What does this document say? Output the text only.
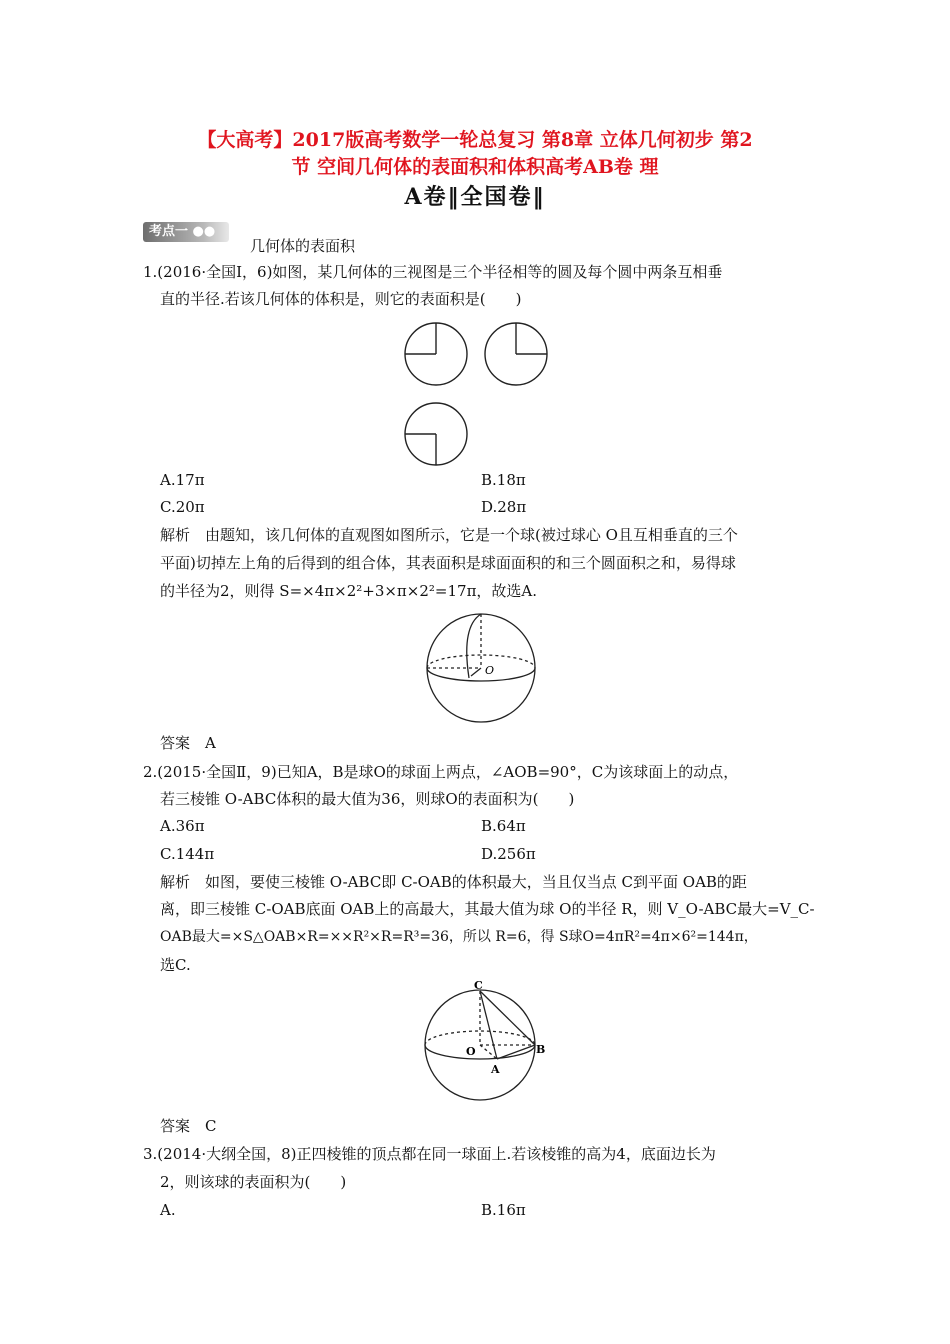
【大高考】2017版高考数学一轮总复习 第8章 立体几何初步 第2
节 空间几何体的表面积和体积高考AB卷 理
A卷‖全国卷‖
考点一 ●●
几何体的表面积
1.(2016·全国Ⅰ，6)如图，某几何体的三视图是三个半径相等的圆及每个圆中两条互相垂
直的半径.若该几何体的体积是，则它的表面积是(　　)
A.17π	B.18π
C.20π	D.28π
解析　由题知，该几何体的直观图如图所示，它是一个球(被过球心 O且互相垂直的三个
平面)切掉左上角的后得到的组合体，其表面积是球面面积的和三个圆面积之和，易得球
的半径为2，则得 S=×4π×2²+3×π×2²=17π，故选A.
O
答案　A
2.(2015·全国Ⅱ，9)已知A，B是球O的球面上两点，∠AOB=90°，C为该球面上的动点，
若三棱锥 O-ABC体积的最大值为36，则球O的表面积为(　　)
A.36π	B.64π
C.144π	D.256π
解析　如图，要使三棱锥 O-ABC即 C-OAB的体积最大，当且仅当点 C到平面 OAB的距
离，即三棱锥 C-OAB底面 OAB上的高最大，其最大值为球 O的半径 R，则 V_O-ABC最大=V_C-
OAB最大=×S△OAB×R=××R²×R=R³=36，所以 R=6，得 S球O=4πR²=4π×6²=144π，
选C.
C
O
A
B
答案　C
3.(2014·大纲全国，8)正四棱锥的顶点都在同一球面上.若该棱锥的高为4，底面边长为
2，则该球的表面积为(　　)
A.	B.16π
